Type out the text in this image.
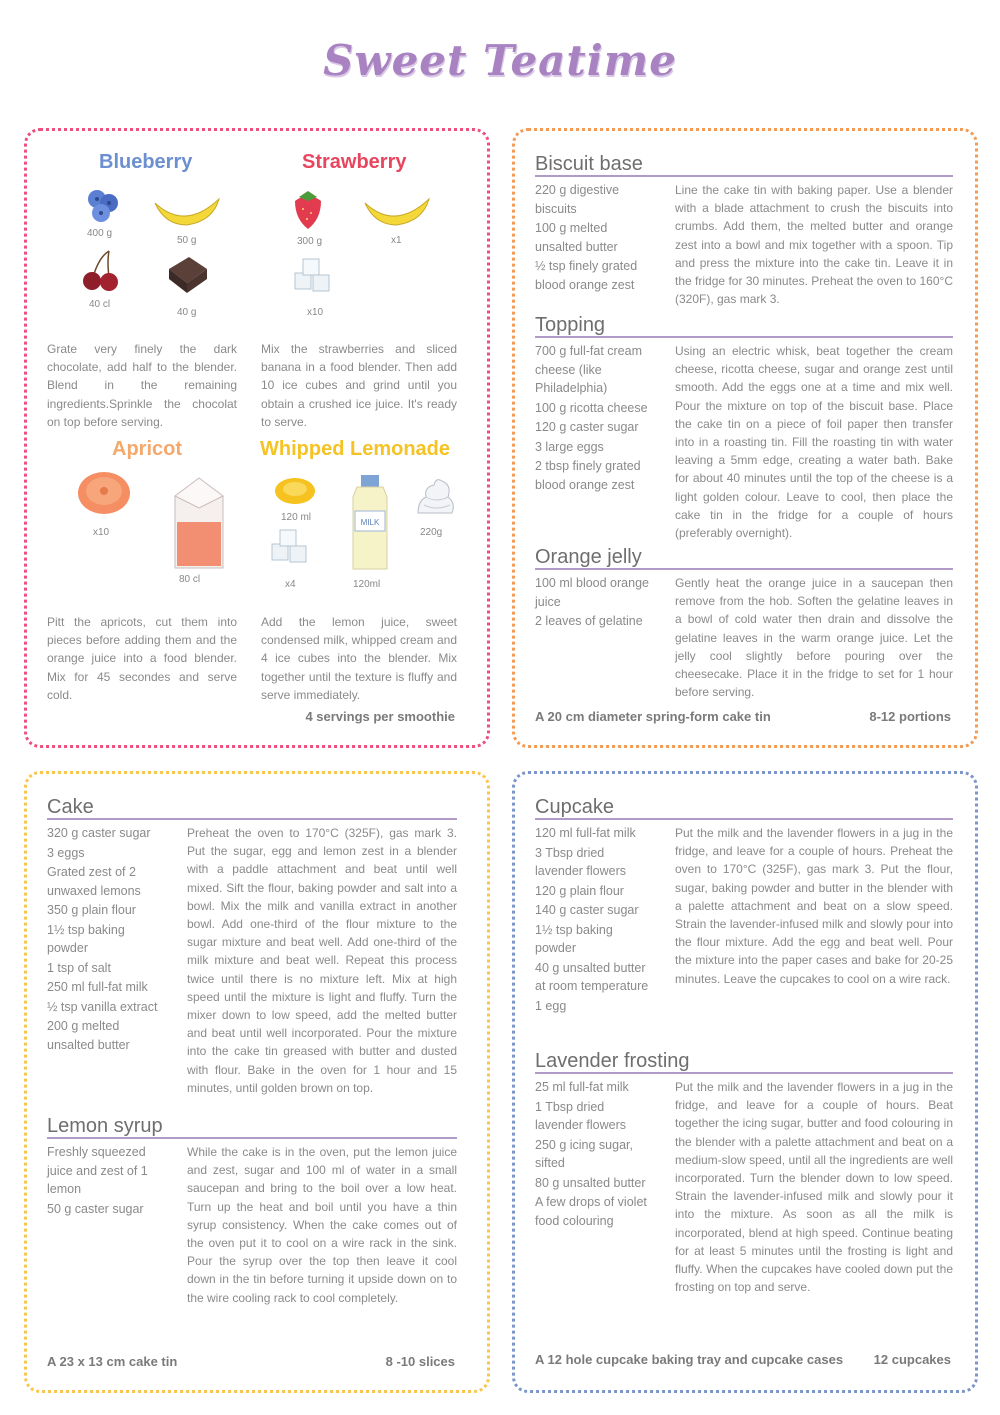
Sweet Teatime
Blueberry
400 g
50 g
40 cl
40 g

Grate very finely the dark chocolate, add half to the blender. Blend in the remaining ingredients.Sprinkle the chocolat on top before serving.

Strawberry
300 g	x1
x10

Mix the strawberries and sliced banana in a food blender. Then add 10 ice cubes and grind until you obtain a crushed ice juice. It's ready to serve.

Apricot
x10
80 cl

Pitt the apricots, cut them into pieces before adding them and the orange juice into a food blender. Mix for 45 secondes and serve cold.

Whipped Lemonade
120 ml
x4
MILK
120ml
220g

Add the lemon juice, sweet condensed milk, whipped cream and 4 ice cubes into the blender. Mix together until the texture is fluffy and serve immediately.

4 servings per smoothie
Biscuit base
220 g digestive biscuits
100 g melted unsalted butter
½ tsp finely grated blood orange zest

Line the cake tin with baking paper. Use a blender with a blade attachment to crush the biscuits into crumbs. Add them, the melted butter and orange zest into a bowl and mix together with a spoon. Tip and press the mixture into the cake tin. Leave it in the fridge for 30 minutes. Preheat the oven to 160°C (320F), gas mark 3.

Topping
700 g full-fat cream cheese (like Philadelphia)
100 g ricotta cheese
120 g caster sugar
3 large eggs
2 tbsp finely grated blood orange zest

Using an electric whisk, beat together the cream cheese, ricotta cheese, sugar and orange zest until smooth. Add the eggs one at a time and mix well. Pour the mixture on top of the biscuit base. Place the cake tin on a piece of foil paper then transfer into in a roasting tin. Fill the roasting tin with water leaving a 5mm edge, creating a water bath. Bake for about 40 minutes until the top of the cheese is a light golden colour. Leave to cool, then place the cake tin in the fridge for a couple of hours (preferably overnight).

Orange jelly
100 ml blood orange juice
2 leaves of gelatine

Gently heat the orange juice in a saucepan then remove from the hob. Soften the gelatine leaves in a bowl of cold water then drain and dissolve the gelatine leaves in the warm orange juice. Let the jelly cool slightly before pouring over the cheesecake. Place it in the fridge to set for 1 hour before serving.

A 20 cm diameter spring-form cake tin	8-12 portions
Cake
320 g caster sugar
3 eggs
Grated zest of 2 unwaxed lemons
350 g plain flour
1½ tsp baking powder
1 tsp of salt
250 ml full-fat milk
½ tsp vanilla extract
200 g melted unsalted butter

Preheat the oven to 170°C (325F), gas mark 3. Put the sugar, egg and lemon zest in a blender with a paddle attachment and beat until well mixed. Sift the flour, baking powder and salt into a bowl. Mix the milk and vanilla extract in another bowl. Add one-third of the flour mixture to the sugar mixture and beat well. Add one-third of the milk mixture and beat well. Repeat this process twice until there is no mixture left. Mix at high speed until the mixture is light and fluffy. Turn the mixer down to low speed, add the melted butter and beat until well incorporated. Pour the mixture into the cake tin greased with butter and dusted with flour. Bake in the oven for 1 hour and 15 minutes, until golden brown on top.

Lemon syrup
Freshly squeezed juice and zest of 1 lemon
50 g caster sugar

While the cake is in the oven, put the lemon juice and zest, sugar and 100 ml of water in a small saucepan and bring to the boil over a low heat. Turn up the heat and boil until you have a thin syrup consistency. When the cake comes out of the oven put it to cool on a wire rack in the sink. Pour the syrup over the top then leave it cool down in the tin before turning it upside down on to the wire cooling rack to cool completely.

A 23 x 13 cm cake tin	8 -10 slices
Cupcake
120 ml full-fat milk
3 Tbsp dried lavender flowers
120 g plain flour
140 g caster sugar
1½ tsp baking powder
40 g unsalted butter at room temperature
1 egg

Put the milk and the lavender flowers in a jug in the fridge, and leave for a couple of hours. Preheat the oven to 170°C (325F), gas mark 3. Put the flour, sugar, baking powder and butter in the blender with a palette attachment and beat on a slow speed. Strain the lavender-infused milk and slowly pour into the flour mixture. Add the egg and beat well. Pour the mixture into the paper cases and bake for 20-25 minutes. Leave the cupcakes to cool on a wire rack.

Lavender frosting
25 ml full-fat milk
1 Tbsp dried lavender flowers
250 g icing sugar, sifted
80 g unsalted butter
A few drops of violet food colouring

Put the milk and the lavender flowers in a jug in the fridge, and leave for a couple of hours. Beat together the icing sugar, butter and food colouring in the blender with a palette attachment and beat on a medium-slow speed, until all the ingredients are well incorporated. Turn the blender down to low speed. Strain the lavender-infused milk and slowly pour it into the mixture. As soon as all the milk is incorporated, blend at high speed. Continue beating for at least 5 minutes until the frosting is light and fluffy. When the cupcakes have cooled down put the frosting on top and serve.

A 12 hole cupcake baking tray and cupcake cases 12 cupcakes
